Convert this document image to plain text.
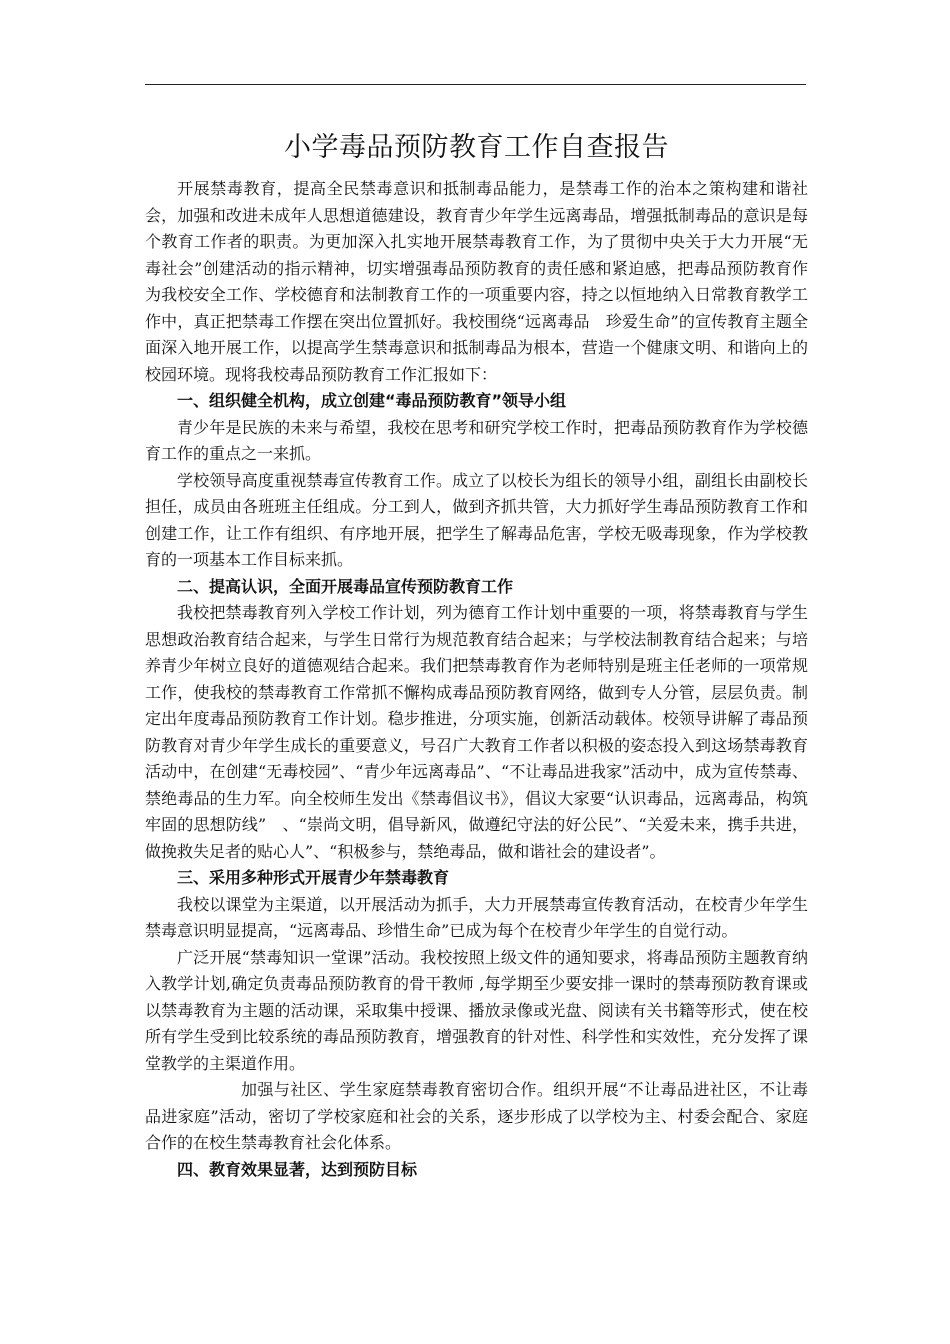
小学毒品预防教育工作自查报告

开展禁毒教育，提高全民禁毒意识和抵制毒品能力，是禁毒工作的治本之策构建和谐社会，加强和改进未成年人思想道德建设，教育青少年学生远离毒品，增强抵制毒品的意识是每个教育工作者的职责。为更加深入扎实地开展禁毒教育工作，为了贯彻中央关于大力开展“无毒社会”创建活动的指示精神，切实增强毒品预防教育的责任感和紧迫感，把毒品预防教育作为我校安全工作、学校德育和法制教育工作的一项重要内容，持之以恒地纳入日常教育教学工作中，真正把禁毒工作摆在突出位置抓好。我校围绕“远离毒品　珍爱生命”的宣传教育主题全面深入地开展工作，以提高学生禁毒意识和抵制毒品为根本，营造一个健康文明、和谐向上的校园环境。现将我校毒品预防教育工作汇报如下：

一、组织健全机构，成立创建“毒品预防教育”领导小组

青少年是民族的未来与希望，我校在思考和研究学校工作时，把毒品预防教育作为学校德育工作的重点之一来抓。

学校领导高度重视禁毒宣传教育工作。成立了以校长为组长的领导小组，副组长由副校长担任，成员由各班班主任组成。分工到人，做到齐抓共管，大力抓好学生毒品预防教育工作和创建工作，让工作有组织、有序地开展，把学生了解毒品危害，学校无吸毒现象，作为学校教育的一项基本工作目标来抓。

二、提高认识，全面开展毒品宣传预防教育工作

我校把禁毒教育列入学校工作计划，列为德育工作计划中重要的一项，将禁毒教育与学生思想政治教育结合起来，与学生日常行为规范教育结合起来；与学校法制教育结合起来；与培养青少年树立良好的道德观结合起来。我们把禁毒教育作为老师特别是班主任老师的一项常规工作，使我校的禁毒教育工作常抓不懈构成毒品预防教育网络，做到专人分管，层层负责。制定出年度毒品预防教育工作计划。稳步推进，分项实施，创新活动载体。校领导讲解了毒品预防教育对青少年学生成长的重要意义，号召广大教育工作者以积极的姿态投入到这场禁毒教育活动中，在创建“无毒校园”、“青少年远离毒品”、“不让毒品进我家”活动中，成为宣传禁毒、禁绝毒品的生力军。向全校师生发出《禁毒倡议书》，倡议大家要“认识毒品，远离毒品，构筑牢固的思想防线”　、“崇尚文明，倡导新风，做遵纪守法的好公民”、“关爱未来，携手共进，做挽救失足者的贴心人”、“积极参与，禁绝毒品，做和谐社会的建设者”。

三、采用多种形式开展青少年禁毒教育

我校以课堂为主渠道，以开展活动为抓手，大力开展禁毒宣传教育活动，在校青少年学生禁毒意识明显提高，“远离毒品、珍惜生命”已成为每个在校青少年学生的自觉行动。

广泛开展“禁毒知识一堂课”活动。我校按照上级文件的通知要求，将毒品预防主题教育纳入教学计划,确定负责毒品预防教育的骨干教师 ,每学期至少要安排一课时的禁毒预防教育课或以禁毒教育为主题的活动课，采取集中授课、播放录像或光盘、阅读有关书籍等形式，使在校所有学生受到比较系统的毒品预防教育，增强教育的针对性、科学性和实效性，充分发挥了课堂教学的主渠道作用。

加强与社区、学生家庭禁毒教育密切合作。组织开展“不让毒品进社区，不让毒品进家庭”活动，密切了学校家庭和社会的关系，逐步形成了以学校为主、村委会配合、家庭合作的在校生禁毒教育社会化体系。

四、教育效果显著，达到预防目标
